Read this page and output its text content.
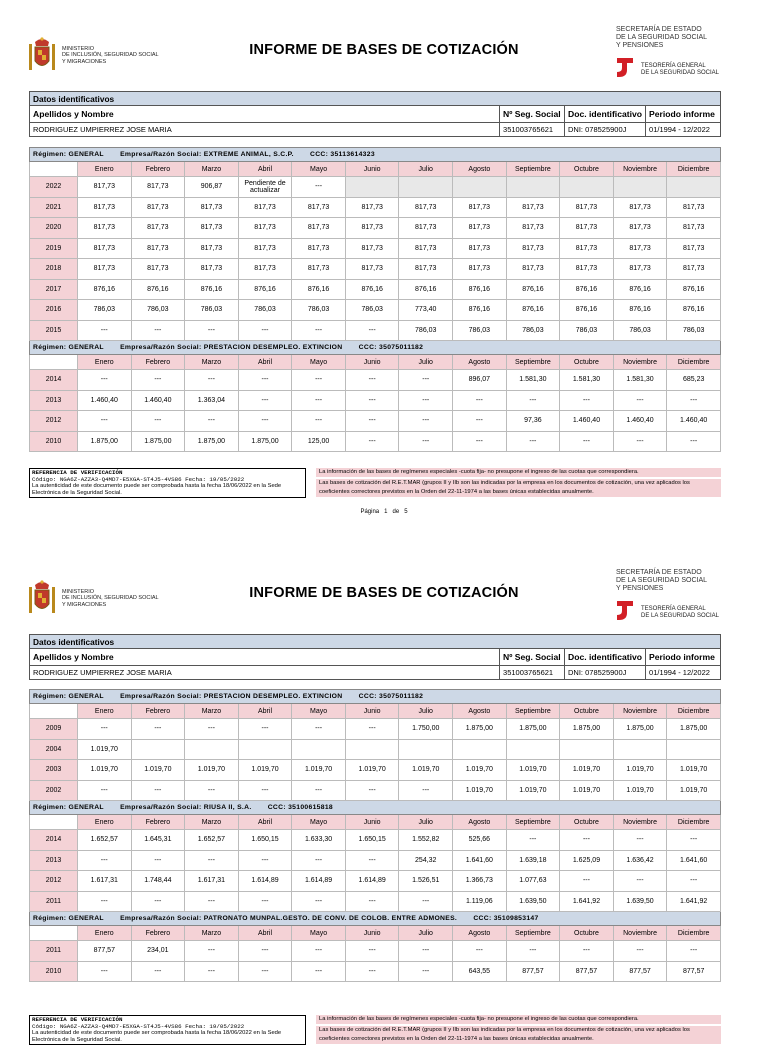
MINISTERIO
DE INCLUSIÓN, SEGURIDAD SOCIAL
Y MIGRACIONES
INFORME DE BASES DE COTIZACIÓN
SECRETARÍA DE ESTADO
DE LA SEGURIDAD SOCIAL
Y PENSIONES
TESORERÍA GENERAL
DE LA SEGURIDAD SOCIAL
Datos identificativos			
Apellidos y Nombre	Nº Seg. Social	Doc. identificativo	Periodo informe
RODRIGUEZ UMPIERREZ JOSE MARIA	351003765621	DNI: 078525900J	01/1994 - 12/2022
Régimen: GENERAL Empresa/Razón Social: EXTREME ANIMAL, S.C.P. CCC: 35113614323												
	Enero	Febrero	Marzo	Abril	Mayo	Junio	Julio	Agosto	Septiembre	Octubre	Noviembre	Diciembre
2022	817,73	817,73	906,87	Pendiente de actualizar	---							
2021	817,73	817,73	817,73	817,73	817,73	817,73	817,73	817,73	817,73	817,73	817,73	817,73
2020	817,73	817,73	817,73	817,73	817,73	817,73	817,73	817,73	817,73	817,73	817,73	817,73
2019	817,73	817,73	817,73	817,73	817,73	817,73	817,73	817,73	817,73	817,73	817,73	817,73
2018	817,73	817,73	817,73	817,73	817,73	817,73	817,73	817,73	817,73	817,73	817,73	817,73
2017	876,16	876,16	876,16	876,16	876,16	876,16	876,16	876,16	876,16	876,16	876,16	876,16
2016	786,03	786,03	786,03	786,03	786,03	786,03	773,40	876,16	876,16	876,16	876,16	876,16
2015	---	---	---	---	---	---	786,03	786,03	786,03	786,03	786,03	786,03
Régimen: GENERAL Empresa/Razón Social: PRESTACION DESEMPLEO. EXTINCION CCC: 35075011182												
	Enero	Febrero	Marzo	Abril	Mayo	Junio	Julio	Agosto	Septiembre	Octubre	Noviembre	Diciembre
2014	---	---	---	---	---	---	---	896,07	1.581,30	1.581,30	1.581,30	685,23
2013	1.460,40	1.460,40	1.363,04	---	---	---	---	---	---	---	---	---
2012	---	---	---	---	---	---	---	---	97,36	1.460,40	1.460,40	1.460,40
2010	1.875,00	1.875,00	1.875,00	1.875,00	125,00	---	---	---	---	---	---	---
REFERENCIA DE VERIFICACIÓN
Código: NGA6Z-AZZA3-Q4MD7-E5XGA-ST4J5-4VS86 Fecha: 19/05/2022
La autenticidad de este documento puede ser comprobada hasta la fecha 18/06/2022 en la Sede Electrónica de la Seguridad Social.
La información de las bases de regímenes especiales -cuota fija- no presupone el ingreso de las cuotas que correspondiera.
Las bases de cotización del R.E.T.MAR (grupos II y IIb son las indicadas por la empresa en los documentos de cotización, una vez aplicados los coeficientes correctores previstos en la Orden del 22-11-1974 a las bases únicas establecidas anualmente.
Página 1 de 5
MINISTERIO
DE INCLUSIÓN, SEGURIDAD SOCIAL
Y MIGRACIONES
INFORME DE BASES DE COTIZACIÓN
SECRETARÍA DE ESTADO
DE LA SEGURIDAD SOCIAL
Y PENSIONES
TESORERÍA GENERAL
DE LA SEGURIDAD SOCIAL
Datos identificativos			
Apellidos y Nombre	Nº Seg. Social	Doc. identificativo	Periodo informe
RODRIGUEZ UMPIERREZ JOSE MARIA	351003765621	DNI: 078525900J	01/1994 - 12/2022
Régimen: GENERAL Empresa/Razón Social: PRESTACION DESEMPLEO. EXTINCION CCC: 35075011182												
	Enero	Febrero	Marzo	Abril	Mayo	Junio	Julio	Agosto	Septiembre	Octubre	Noviembre	Diciembre
2009	---	---	---	---	---	---	1.750,00	1.875,00	1.875,00	1.875,00	1.875,00	1.875,00
2004	1.019,70											
2003	1.019,70	1.019,70	1.019,70	1.019,70	1.019,70	1.019,70	1.019,70	1.019,70	1.019,70	1.019,70	1.019,70	1.019,70
2002	---	---	---	---	---	---	---	1.019,70	1.019,70	1.019,70	1.019,70	1.019,70
Régimen: GENERAL Empresa/Razón Social: RIUSA II, S.A. CCC: 35100615818												
	Enero	Febrero	Marzo	Abril	Mayo	Junio	Julio	Agosto	Septiembre	Octubre	Noviembre	Diciembre
2014	1.652,57	1.645,31	1.652,57	1.650,15	1.633,30	1.650,15	1.552,82	525,66	---	---	---	---
2013	---	---	---	---	---	---	254,32	1.641,60	1.639,18	1.625,09	1.636,42	1.641,60
2012	1.617,31	1.748,44	1.617,31	1.614,89	1.614,89	1.614,89	1.526,51	1.366,73	1.077,63	---	---	---
2011	---	---	---	---	---	---	---	1.119,06	1.639,50	1.641,92	1.639,50	1.641,92
Régimen: GENERAL Empresa/Razón Social: PATRONATO MUNPAL.GESTO. DE CONV. DE COLOB. ENTRE ADMONES. CCC: 35109853147												
	Enero	Febrero	Marzo	Abril	Mayo	Junio	Julio	Agosto	Septiembre	Octubre	Noviembre	Diciembre
2011	877,57	234,01	---	---	---	---	---	---	---	---	---	---
2010	---	---	---	---	---	---	---	643,55	877,57	877,57	877,57	877,57
REFERENCIA DE VERIFICACIÓN
Código: NGA6Z-AZZA3-Q4MD7-E5XGA-ST4J5-4VS86 Fecha: 19/05/2022
La autenticidad de este documento puede ser comprobada hasta la fecha 18/06/2022 en la Sede Electrónica de la Seguridad Social.
La información de las bases de regímenes especiales -cuota fija- no presupone el ingreso de las cuotas que correspondiera.
Las bases de cotización del R.E.T.MAR (grupos II y IIb son las indicadas por la empresa en los documentos de cotización, una vez aplicados los coeficientes correctores previstos en la Orden del 22-11-1974 a las bases únicas establecidas anualmente.
